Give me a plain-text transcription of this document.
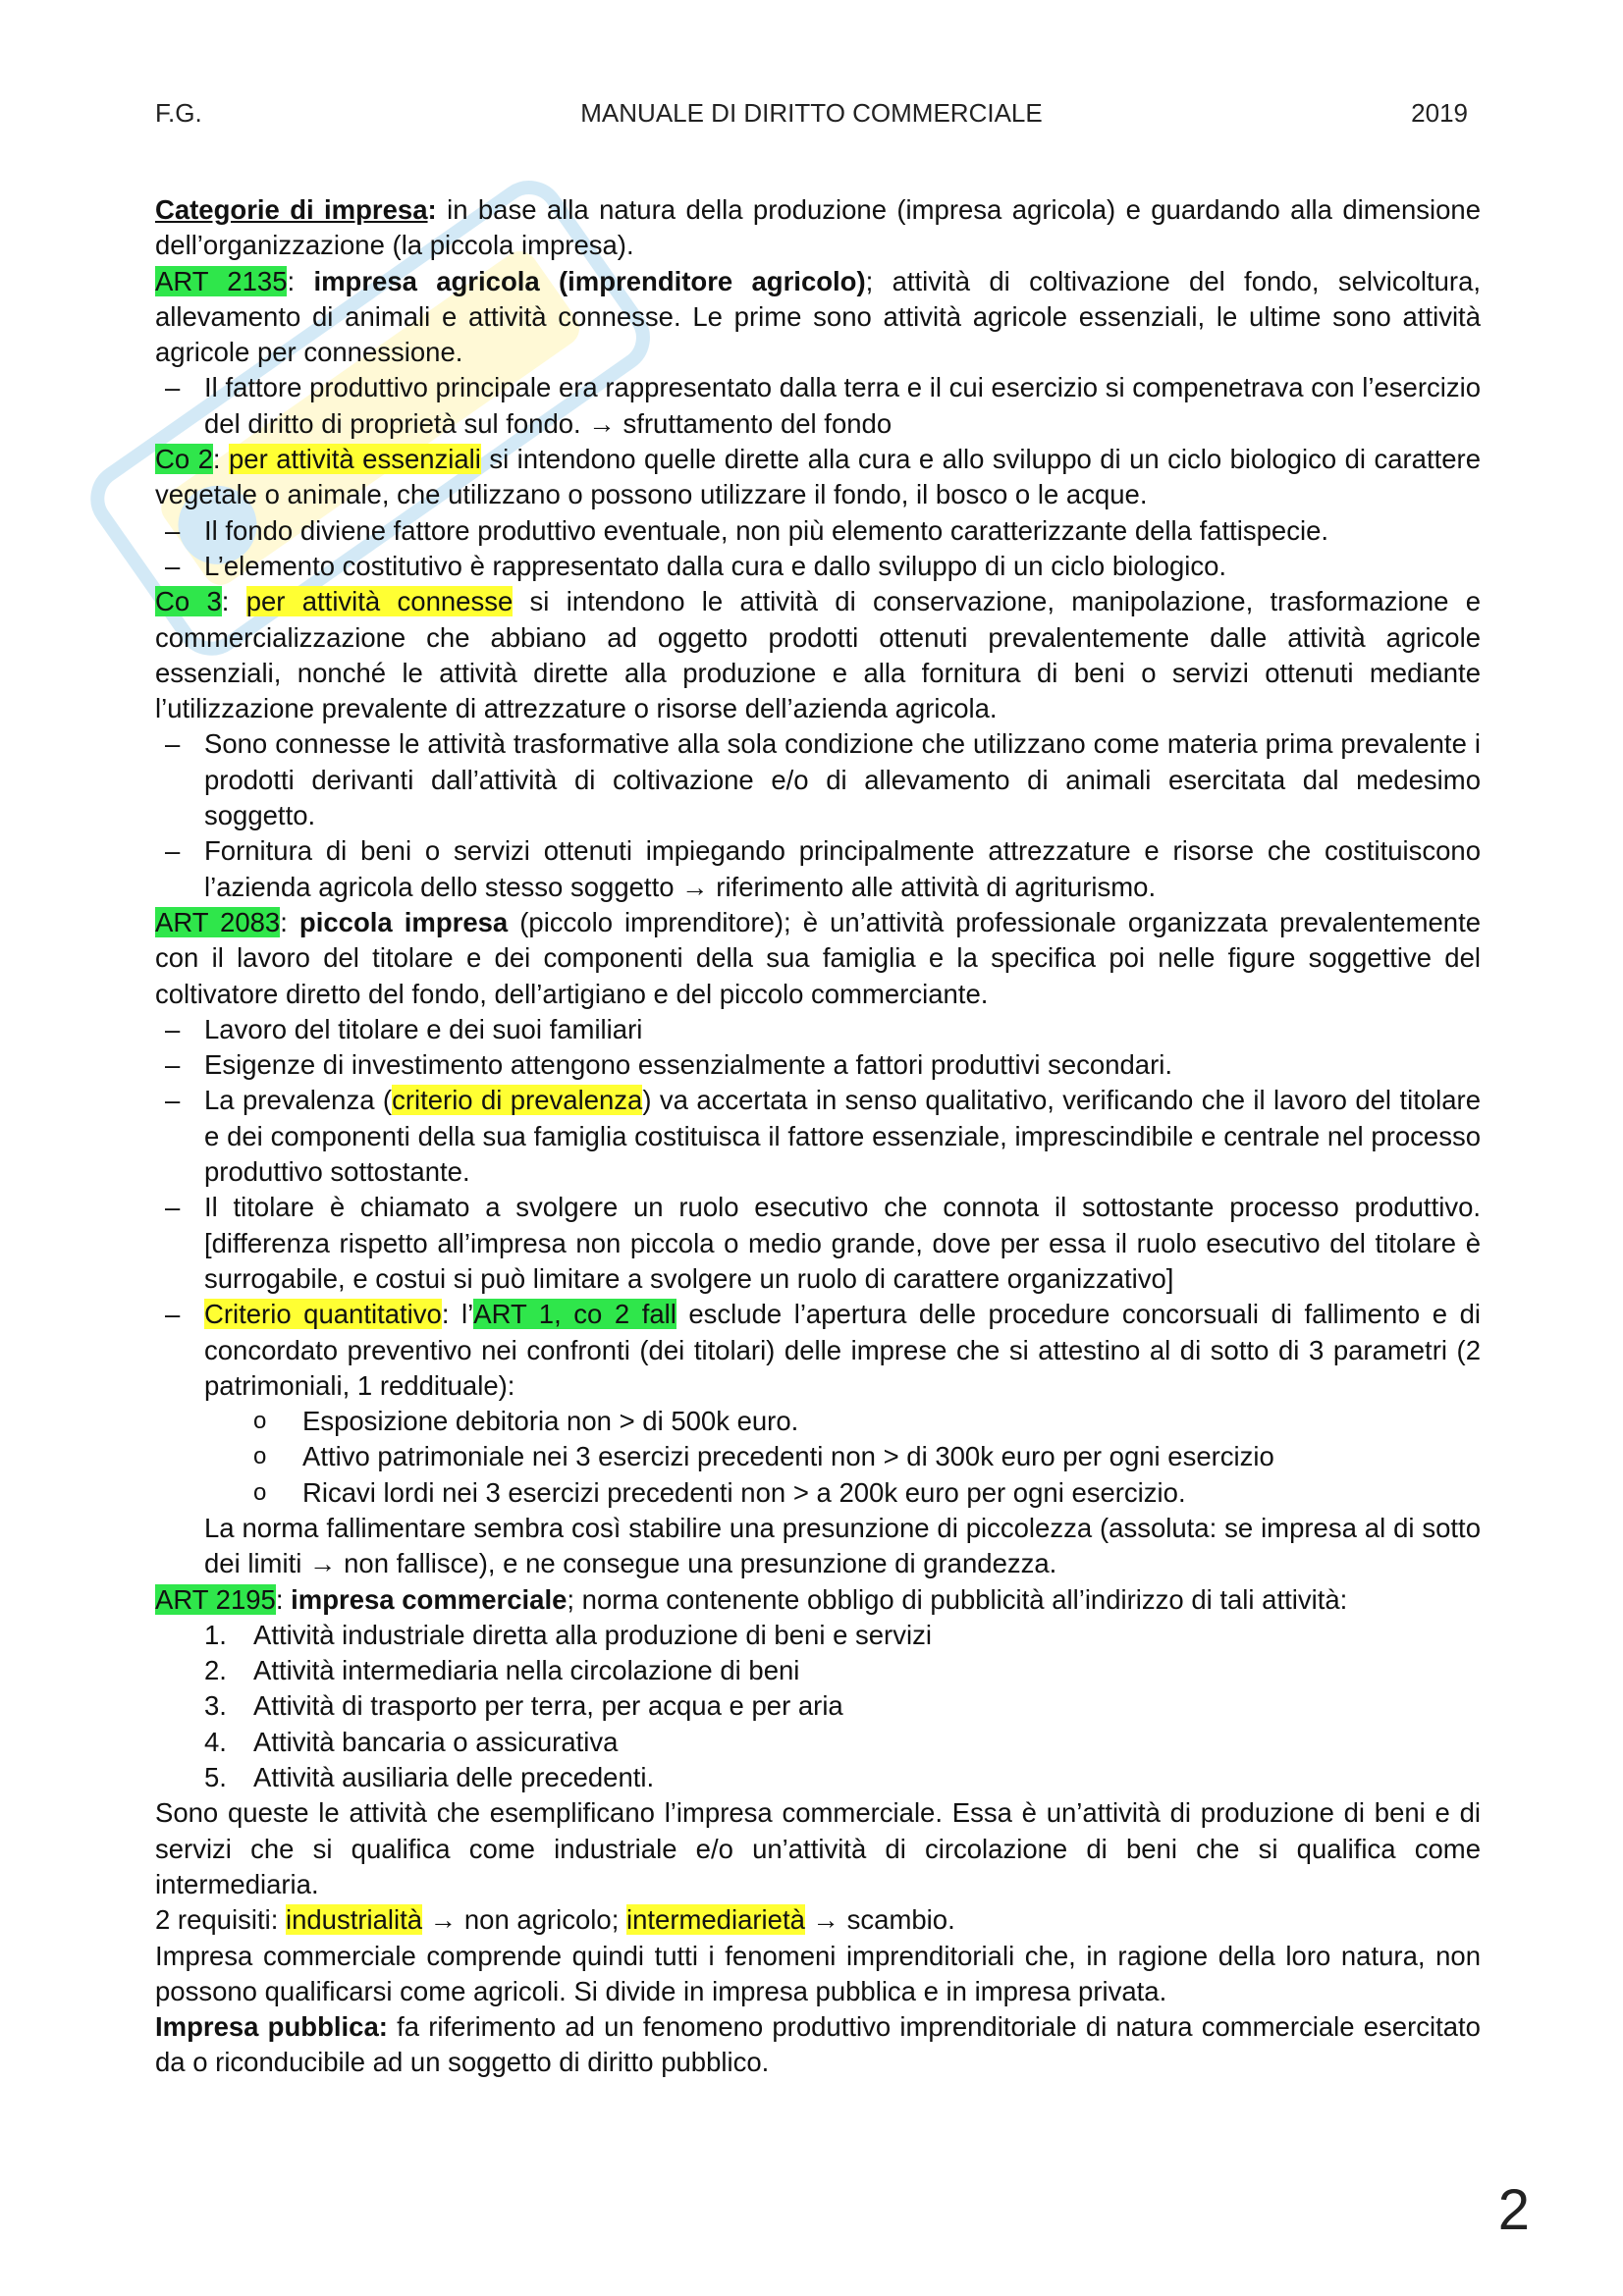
F.G.	MANUALE DI DIRITTO COMMERCIALE	2019

Categorie di impresa: in base alla natura della produzione (impresa agricola) e guardando alla dimensione dell’organizzazione (la piccola impresa).

ART 2135: impresa agricola (imprenditore agricolo); attività di coltivazione del fondo, selvicoltura, allevamento di animali e attività connesse. Le prime sono attività agricole essenziali, le ultime sono attività agricole per connessione.

– Il fattore produttivo principale era rappresentato dalla terra e il cui esercizio si compenetrava con l’esercizio del diritto di proprietà sul fondo. → sfruttamento del fondo

Co 2: per attività essenziali si intendono quelle dirette alla cura e allo sviluppo di un ciclo biologico di carattere vegetale o animale, che utilizzano o possono utilizzare il fondo, il bosco o le acque.

– Il fondo diviene fattore produttivo eventuale, non più elemento caratterizzante della fattispecie.
– L’elemento costitutivo è rappresentato dalla cura e dallo sviluppo di un ciclo biologico.

Co 3: per attività connesse si intendono le attività di conservazione, manipolazione, trasformazione e commercializzazione che abbiano ad oggetto prodotti ottenuti prevalentemente dalle attività agricole essenziali, nonché le attività dirette alla produzione e alla fornitura di beni o servizi ottenuti mediante l’utilizzazione prevalente di attrezzature o risorse dell’azienda agricola.

– Sono connesse le attività trasformative alla sola condizione che utilizzano come materia prima prevalente i prodotti derivanti dall’attività di coltivazione e/o di allevamento di animali esercitata dal medesimo soggetto.
– Fornitura di beni o servizi ottenuti impiegando principalmente attrezzature e risorse che costituiscono l’azienda agricola dello stesso soggetto → riferimento alle attività di agriturismo.

ART 2083: piccola impresa (piccolo imprenditore); è un’attività professionale organizzata prevalentemente con il lavoro del titolare e dei componenti della sua famiglia e la specifica poi nelle figure soggettive del coltivatore diretto del fondo, dell’artigiano e del piccolo commerciante.

– Lavoro del titolare e dei suoi familiari
– Esigenze di investimento attengono essenzialmente a fattori produttivi secondari.
– La prevalenza (criterio di prevalenza) va accertata in senso qualitativo, verificando che il lavoro del titolare e dei componenti della sua famiglia costituisca il fattore essenziale, imprescindibile e centrale nel processo produttivo sottostante.
– Il titolare è chiamato a svolgere un ruolo esecutivo che connota il sottostante processo produttivo. [differenza rispetto all’impresa non piccola o medio grande, dove per essa il ruolo esecutivo del titolare è surrogabile, e costui si può limitare a svolgere un ruolo di carattere organizzativo]
– Criterio quantitativo: l’ART 1, co 2 fall esclude l’apertura delle procedure concorsuali di fallimento e di concordato preventivo nei confronti (dei titolari) delle imprese che si attestino al di sotto di 3 parametri (2 patrimoniali, 1 reddituale):
o Esposizione debitoria non > di 500k euro.
o Attivo patrimoniale nei 3 esercizi precedenti non > di 300k euro per ogni esercizio
o Ricavi lordi nei 3 esercizi precedenti non > a 200k euro per ogni esercizio.
La norma fallimentare sembra così stabilire una presunzione di piccolezza (assoluta: se impresa al di sotto dei limiti → non fallisce), e ne consegue una presunzione di grandezza.

ART 2195: impresa commerciale; norma contenente obbligo di pubblicità all’indirizzo di tali attività:

1. Attività industriale diretta alla produzione di beni e servizi
2. Attività intermediaria nella circolazione di beni
3. Attività di trasporto per terra, per acqua e per aria
4. Attività bancaria o assicurativa
5. Attività ausiliaria delle precedenti.

Sono queste le attività che esemplificano l’impresa commerciale. Essa è un’attività di produzione di beni e di servizi che si qualifica come industriale e/o un’attività di circolazione di beni che si qualifica come intermediaria.

2 requisiti: industrialità → non agricolo; intermediarietà → scambio.

Impresa commerciale comprende quindi tutti i fenomeni imprenditoriali che, in ragione della loro natura, non possono qualificarsi come agricoli. Si divide in impresa pubblica e in impresa privata.

Impresa pubblica: fa riferimento ad un fenomeno produttivo imprenditoriale di natura commerciale esercitato da o riconducibile ad un soggetto di diritto pubblico.

2
